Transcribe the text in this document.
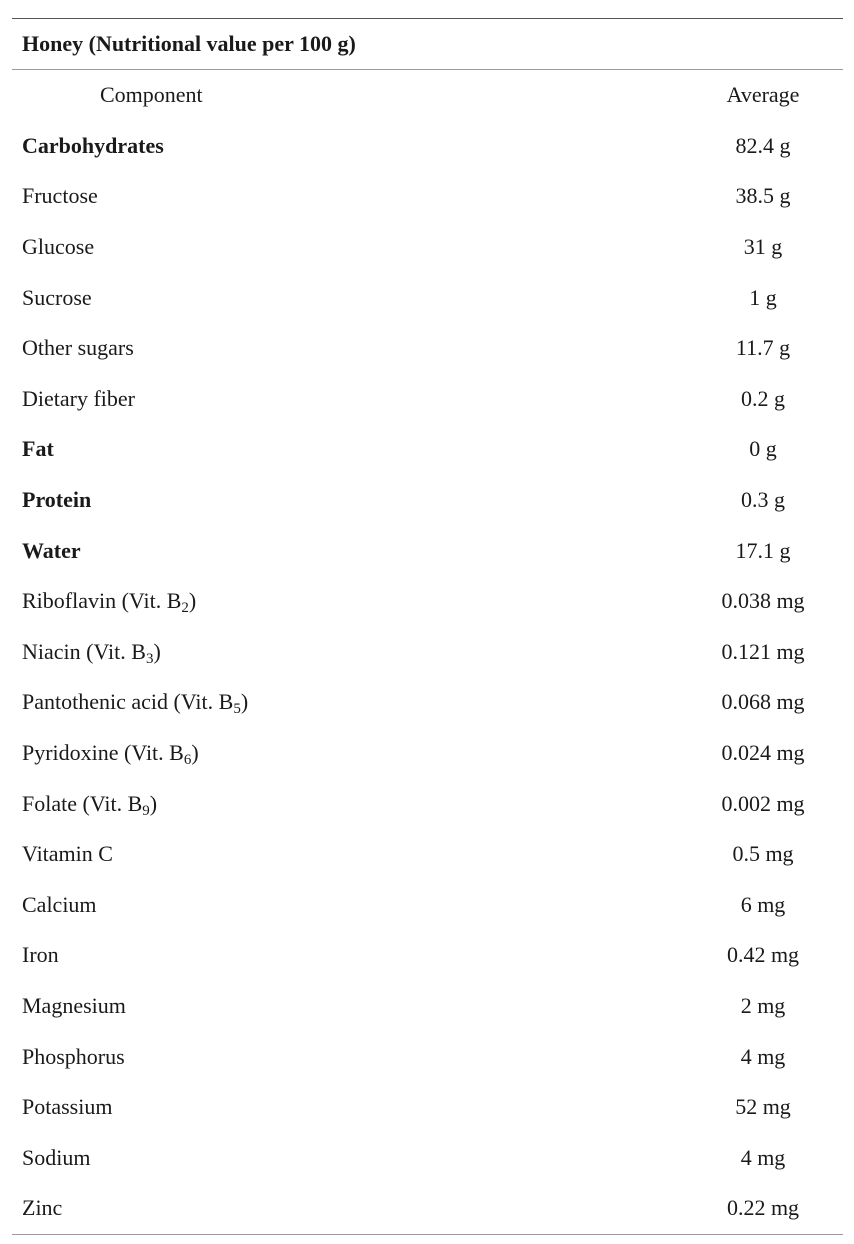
Honey (Nutritional value per 100 g)
Component	Average
Carbohydrates	82.4 g
Fructose	38.5 g
Glucose	31 g
Sucrose	1 g
Other sugars	11.7 g
Dietary fiber	0.2 g
Fat	0 g
Protein	0.3 g
Water	17.1 g
Riboflavin (Vit. $B_2$)	0.038 mg
Niacin (Vit. $B_3$)	0.121 mg
Pantothenic acid (Vit. $B_5$)	0.068 mg
Pyridoxine (Vit. $B_6$)	0.024 mg
Folate (Vit. $B_9$)	0.002 mg
Vitamin C	0.5 mg
Calcium	6 mg
Iron	0.42 mg
Magnesium	2 mg
Phosphorus	4 mg
Potassium	52 mg
Sodium	4 mg
Zinc	0.22 mg
